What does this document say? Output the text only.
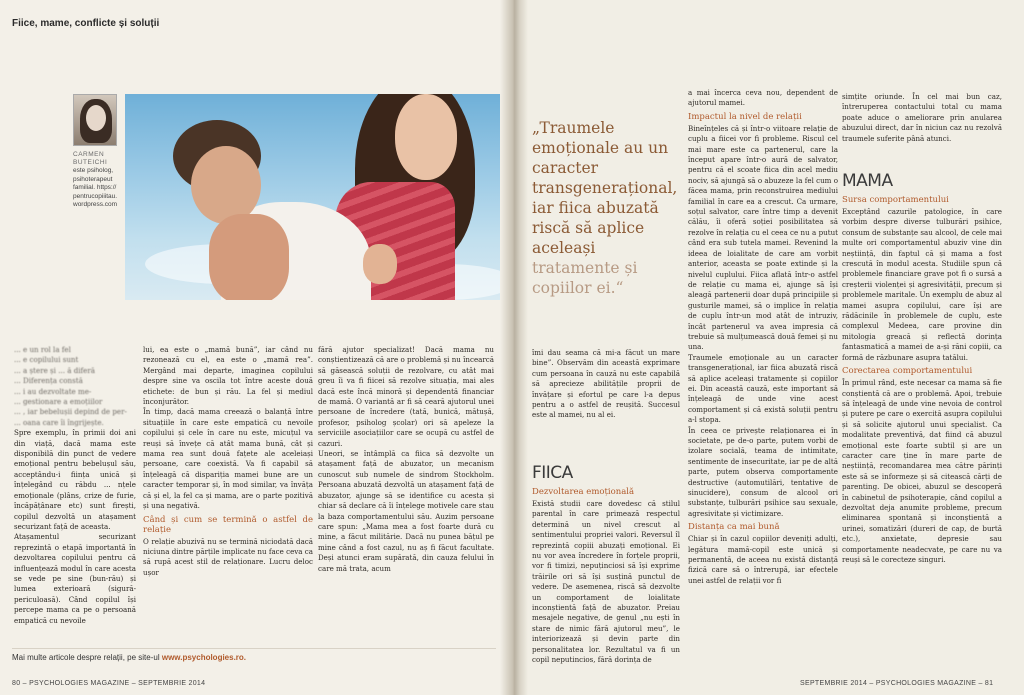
Fiice, mame, conflicte și soluții
CARMEN BUTEICHI
este psiholog, psihoterapeut familial. https:// pentrucopiiitau. wordpress.com

... e un rol la fel

... e copilului sunt

... a ștere și ... ă diferă

... Diferența constă

... i au dezvoltate me-

... gestionare a emoțiilor

... , iar bebelușii depind de per-

... oana care îi îngrijește.

Spre exemplu, în primii doi ani din viață, dacă mama este disponibilă din punct de vedere emoțional pentru bebelușul său, acceptându-i ființa unică și înțelegând cu răbdu ... nțele emoționale (plâns, crize de furie, încăpățânare etc) sunt firești, copilul dezvoltă un atașament securizant față de aceasta.

Atașamentul securizant reprezintă o etapă importantă în dezvoltarea copilului pentru că influențează modul în care acesta se vede pe sine (bun-rău) și lumea exterioară (sigură-periculoasă). Când copilul își percepe mama ca pe o persoană empatică cu nevoile

lui, ea este o „mamă bună”, iar când nu rezonează cu el, ea este o „mamă rea”. Mergând mai departe, imaginea copilului despre sine va oscila tot între aceste două etichete: de bun și rău. La fel și mediul înconjurător.

În timp, dacă mama creează o balanță între situațiile în care este empatică cu nevoile copilului și cele în care nu este, micuțul va reuși să învețe că atât mama bună, cât și mama rea sunt două fațete ale aceleiași persoane, care coexistă. Va fi capabil să înțeleagă că dispariția mamei bune are un caracter temporar și, în mod similar, va învăța că și el, la fel ca și mama, are o parte pozitivă și una negativă.

Când și cum se termină o astfel de relație

O relație abuzivă nu se termină niciodată dacă niciuna dintre părțile implicate nu face ceva ca să rupă acest stil de relaționare. Lucru deloc ușor

fără ajutor specializat! Dacă mama nu conștientizează că are o problemă și nu încearcă să găsească soluții de rezolvare, cu atât mai greu îi va fi fiicei să rezolve situația, mai ales dacă este încă minoră și dependentă financiar de mamă. O variantă ar fi să ceară ajutorul unei persoane de încredere (tată, bunică, mătușă, profesor, psiholog școlar) ori să apeleze la serviciile asociațiilor care se ocupă cu astfel de cazuri.

Uneori, se întâmplă ca fiica să dezvolte un atașament față de abuzator, un mecanism cunoscut sub numele de sindrom Stockholm. Persoana abuzată dezvoltă un atașament față de abuzator, ajunge să se identifice cu acesta și chiar să declare că îi înțelege motivele care stau la baza comportamentului său. Auzim persoane care spun: „Mama mea a fost foarte dură cu mine, a făcut militărie. Dacă nu punea bățul pe mine când a fost cazul, nu aș fi făcut facultate. Deși atunci eram supărată, din cauza felului în care mă trata, acum

Mai multe articole despre relații, pe site-ul www.psychologies.ro.
80 – PSYCHOLOGIES MAGAZINE – SEPTEMBRIE 2014
„Traumele emoționale au un caracter transgenerațional, iar fiica abuzată riscă să aplice aceleași tratamente și copiilor ei.“

îmi dau seama că mi-a făcut un mare bine”. Observăm din această exprimare cum persoana în cauză nu este capabilă să aprecieze abilitățile proprii de învățare și efortul pe care l-a depus pentru a o astfel de reușită. Succesul este al mamei, nu al ei.

FIICA
Dezvoltarea emoțională

Există studii care dovedesc că stilul parental în care primează respectul determină un nivel crescut al sentimentului propriei valori. Reversul îl reprezintă copiii abuzați emoțional. Ei nu vor avea încredere în forțele proprii, vor fi timizi, nepuținciosi să își exprime trăirile ori să își susțină punctul de vedere. De asemenea, riscă să dezvolte un comportament de loialitate inconștientă față de abuzator. Preiau mesajele negative, de genul „nu ești în stare de nimic fără ajutorul meu”, le interiorizează și devin parte din personalitatea lor. Rezultatul va fi un copil neputincios, fără dorința de

a mai încerca ceva nou, dependent de ajutorul mamei.

Impactul la nivel de relații

Bineînțeles că și într-o viitoare relație de cuplu a fiicei vor fi probleme. Riscul cel mai mare este ca partenerul, care la început apare într-o aură de salvator, pentru că el scoate fiica din acel mediu nociv, să ajungă să o abuzeze la fel cum o făcea mama, prin reconstruirea mediului familial în care ea a crescut. Ca urmare, soțul salvator, care între timp a devenit călău, îi oferă soției posibilitatea să rezolve în relația cu el ceea ce nu a putut când era sub tutela mamei. Revenind la ideea de loialitate de care am vorbit anterior, aceasta se poate extinde și la nivelul cuplului. Fiica aflată într-o astfel de relație cu mama ei, ajunge să își aleagă partenerii doar după principiile și gusturile mamei, să o implice în relația de cuplu într-un mod atât de intruziv, încât partenerul va avea impresia că trebuie să mulțumească două femei și nu una.

Traumele emoționale au un caracter transgenerațional, iar fiica abuzată riscă să aplice aceleași tratamente și copiilor ei. Din această cauză, este important să înțeleagă de unde vine acest comportament și că există soluții pentru a-l stopa.

În ceea ce privește relaționarea ei în societate, pe de-o parte, putem vorbi de izolare socială, teama de intimitate, sentimente de insecuritate, iar pe de altă parte, putem observa comportamente destructive (automutilări, tentative de sinucidere), consum de alcool ori substanțe, tulburări psihice sau sexuale, agresivitate și victimizare.

Distanța ca mai bună

Chiar și în cazul copiilor deveniți adulți, legătura mamă-copil este unică și permanentă, de aceea nu există distanță fizică care să o întrerupă, iar efectele unei astfel de relații vor fi

simțite oriunde. În cel mai bun caz, întreruperea contactului total cu mama poate aduce o ameliorare prin anularea abuzului direct, dar în niciun caz nu rezolvă traumele suferite până atunci.

MAMA
Sursa comportamentului

Exceptând cazurile patologice, în care vorbim despre diverse tulburări psihice, consum de substanțe sau alcool, de cele mai multe ori comportamentul abuziv vine din neștiință, din faptul că și mama a fost crescută în modul acesta. Studiile spun că problemele financiare grave pot fi o sursă a creșterii violenței și agresivității, precum și problemele maritale. Un exemplu de abuz al mamei asupra copilului, care își are rădăcinile în problemele de cuplu, este complexul Medeea, care provine din mitologia greacă și reflectă dorința fantasmatică a mamei de a-și răni copiii, ca formă de răzbunare asupra tatălui.

Corectarea comportamentului

În primul rând, este necesar ca mama să fie conștientă că are o problemă. Apoi, trebuie să înțeleagă de unde vine nevoia de control și putere pe care o exercită asupra copilului și să solicite ajutorul unui specialist. Ca modalitate preventivă, dat fiind că abuzul emoțional este foarte subtil și are un caracter care ține în mare parte de neștiință, recomandarea mea către părinți este să se informeze și să citească cărți de parenting. De obicei, abuzul se descoperă în cabinetul de psihoterapie, când copilul a dezvoltat deja anumite probleme, precum eliminarea spontană și inconștientă a urinei, somatizări (dureri de cap, de burtă etc.), anxietate, depresie sau comportamente neadecvate, pe care nu va reuși să le corecteze singuri.

SEPTEMBRIE 2014 – PSYCHOLOGIES MAGAZINE – 81
